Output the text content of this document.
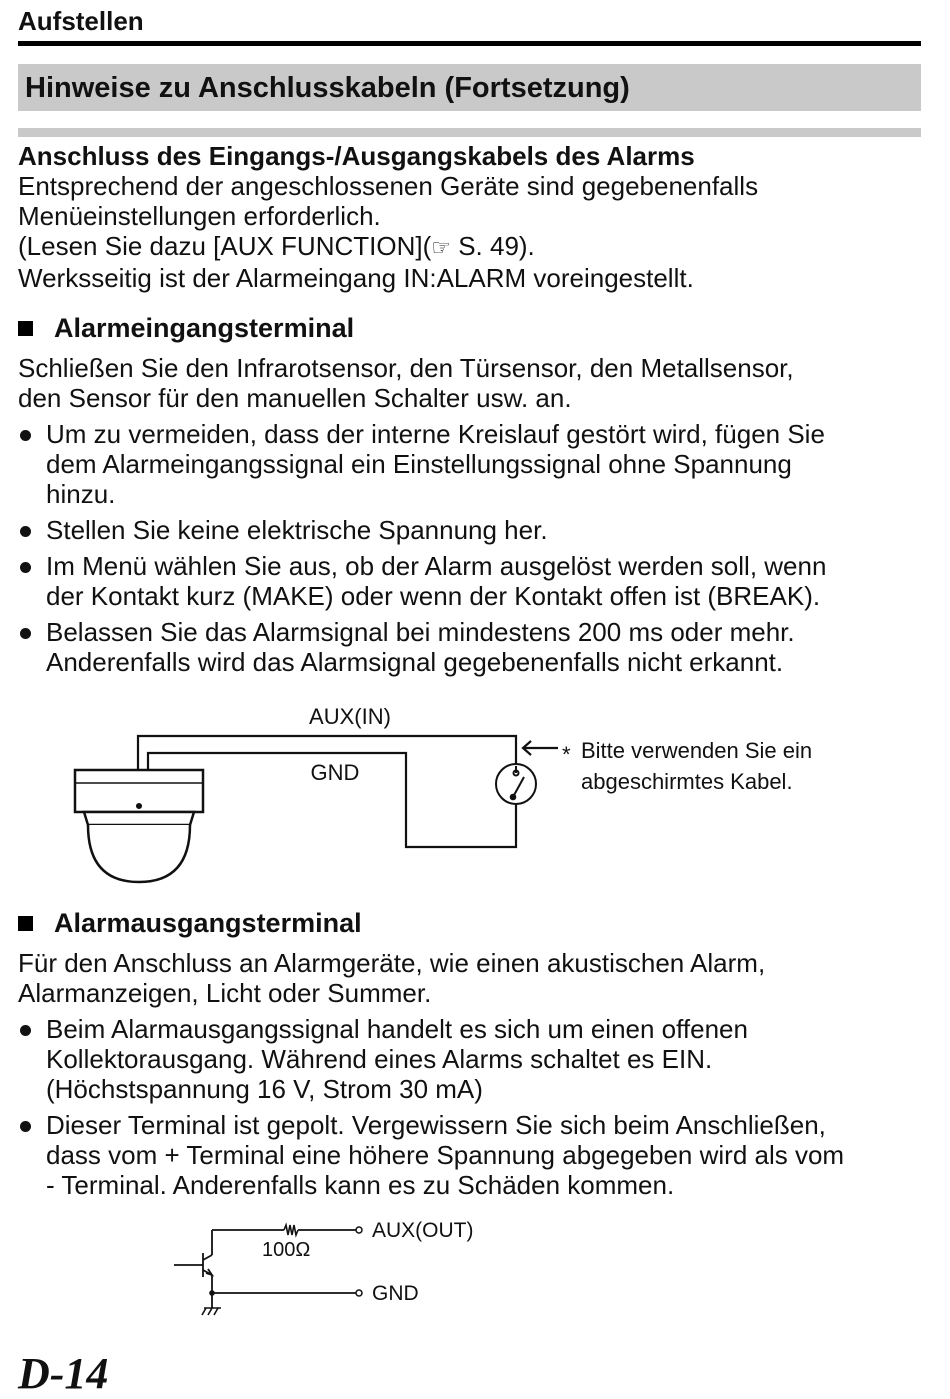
Aufstellen
Hinweise zu Anschlusskabeln (Fortsetzung)

Anschluss des Eingangs-/Ausgangskabels des Alarms

Entsprechend der angeschlossenen Geräte sind gegebenenfalls

Menüeinstellungen erforderlich.

(Lesen Sie dazu [AUX FUNCTION](☞ S. 49).

Werksseitig ist der Alarmeingang IN:ALARM voreingestellt.

Alarmeingangsterminal

Schließen Sie den Infrarotsensor, den Türsensor, den Metallsensor,
den Sensor für den manuellen Schalter usw. an.

Um zu vermeiden, dass der interne Kreislauf gestört wird, fügen Sie
dem Alarmeingangssignal ein Einstellungssignal ohne Spannung
hinzu.
Stellen Sie keine elektrische Spannung her.
Im Menü wählen Sie aus, ob der Alarm ausgelöst werden soll, wenn
der Kontakt kurz (MAKE) oder wenn der Kontakt offen ist (BREAK).
Belassen Sie das Alarmsignal bei mindestens 200 ms oder mehr.
Anderenfalls wird das Alarmsignal gegebenenfalls nicht erkannt.
AUX(IN)
GND
* Bitte verwenden Sie ein
abgeschirmtes Kabel.

Alarmausgangsterminal

Für den Anschluss an Alarmgeräte, wie einen akustischen Alarm,
Alarmanzeigen, Licht oder Summer.

Beim Alarmausgangssignal handelt es sich um einen offenen
Kollektorausgang. Während eines Alarms schaltet es EIN.
(Höchstspannung 16 V, Strom 30 mA)
Dieser Terminal ist gepolt. Vergewissern Sie sich beim Anschließen,
dass vom + Terminal eine höhere Spannung abgegeben wird als vom
- Terminal. Anderenfalls kann es zu Schäden kommen.
100Ω
AUX(OUT)
GND
D-14
